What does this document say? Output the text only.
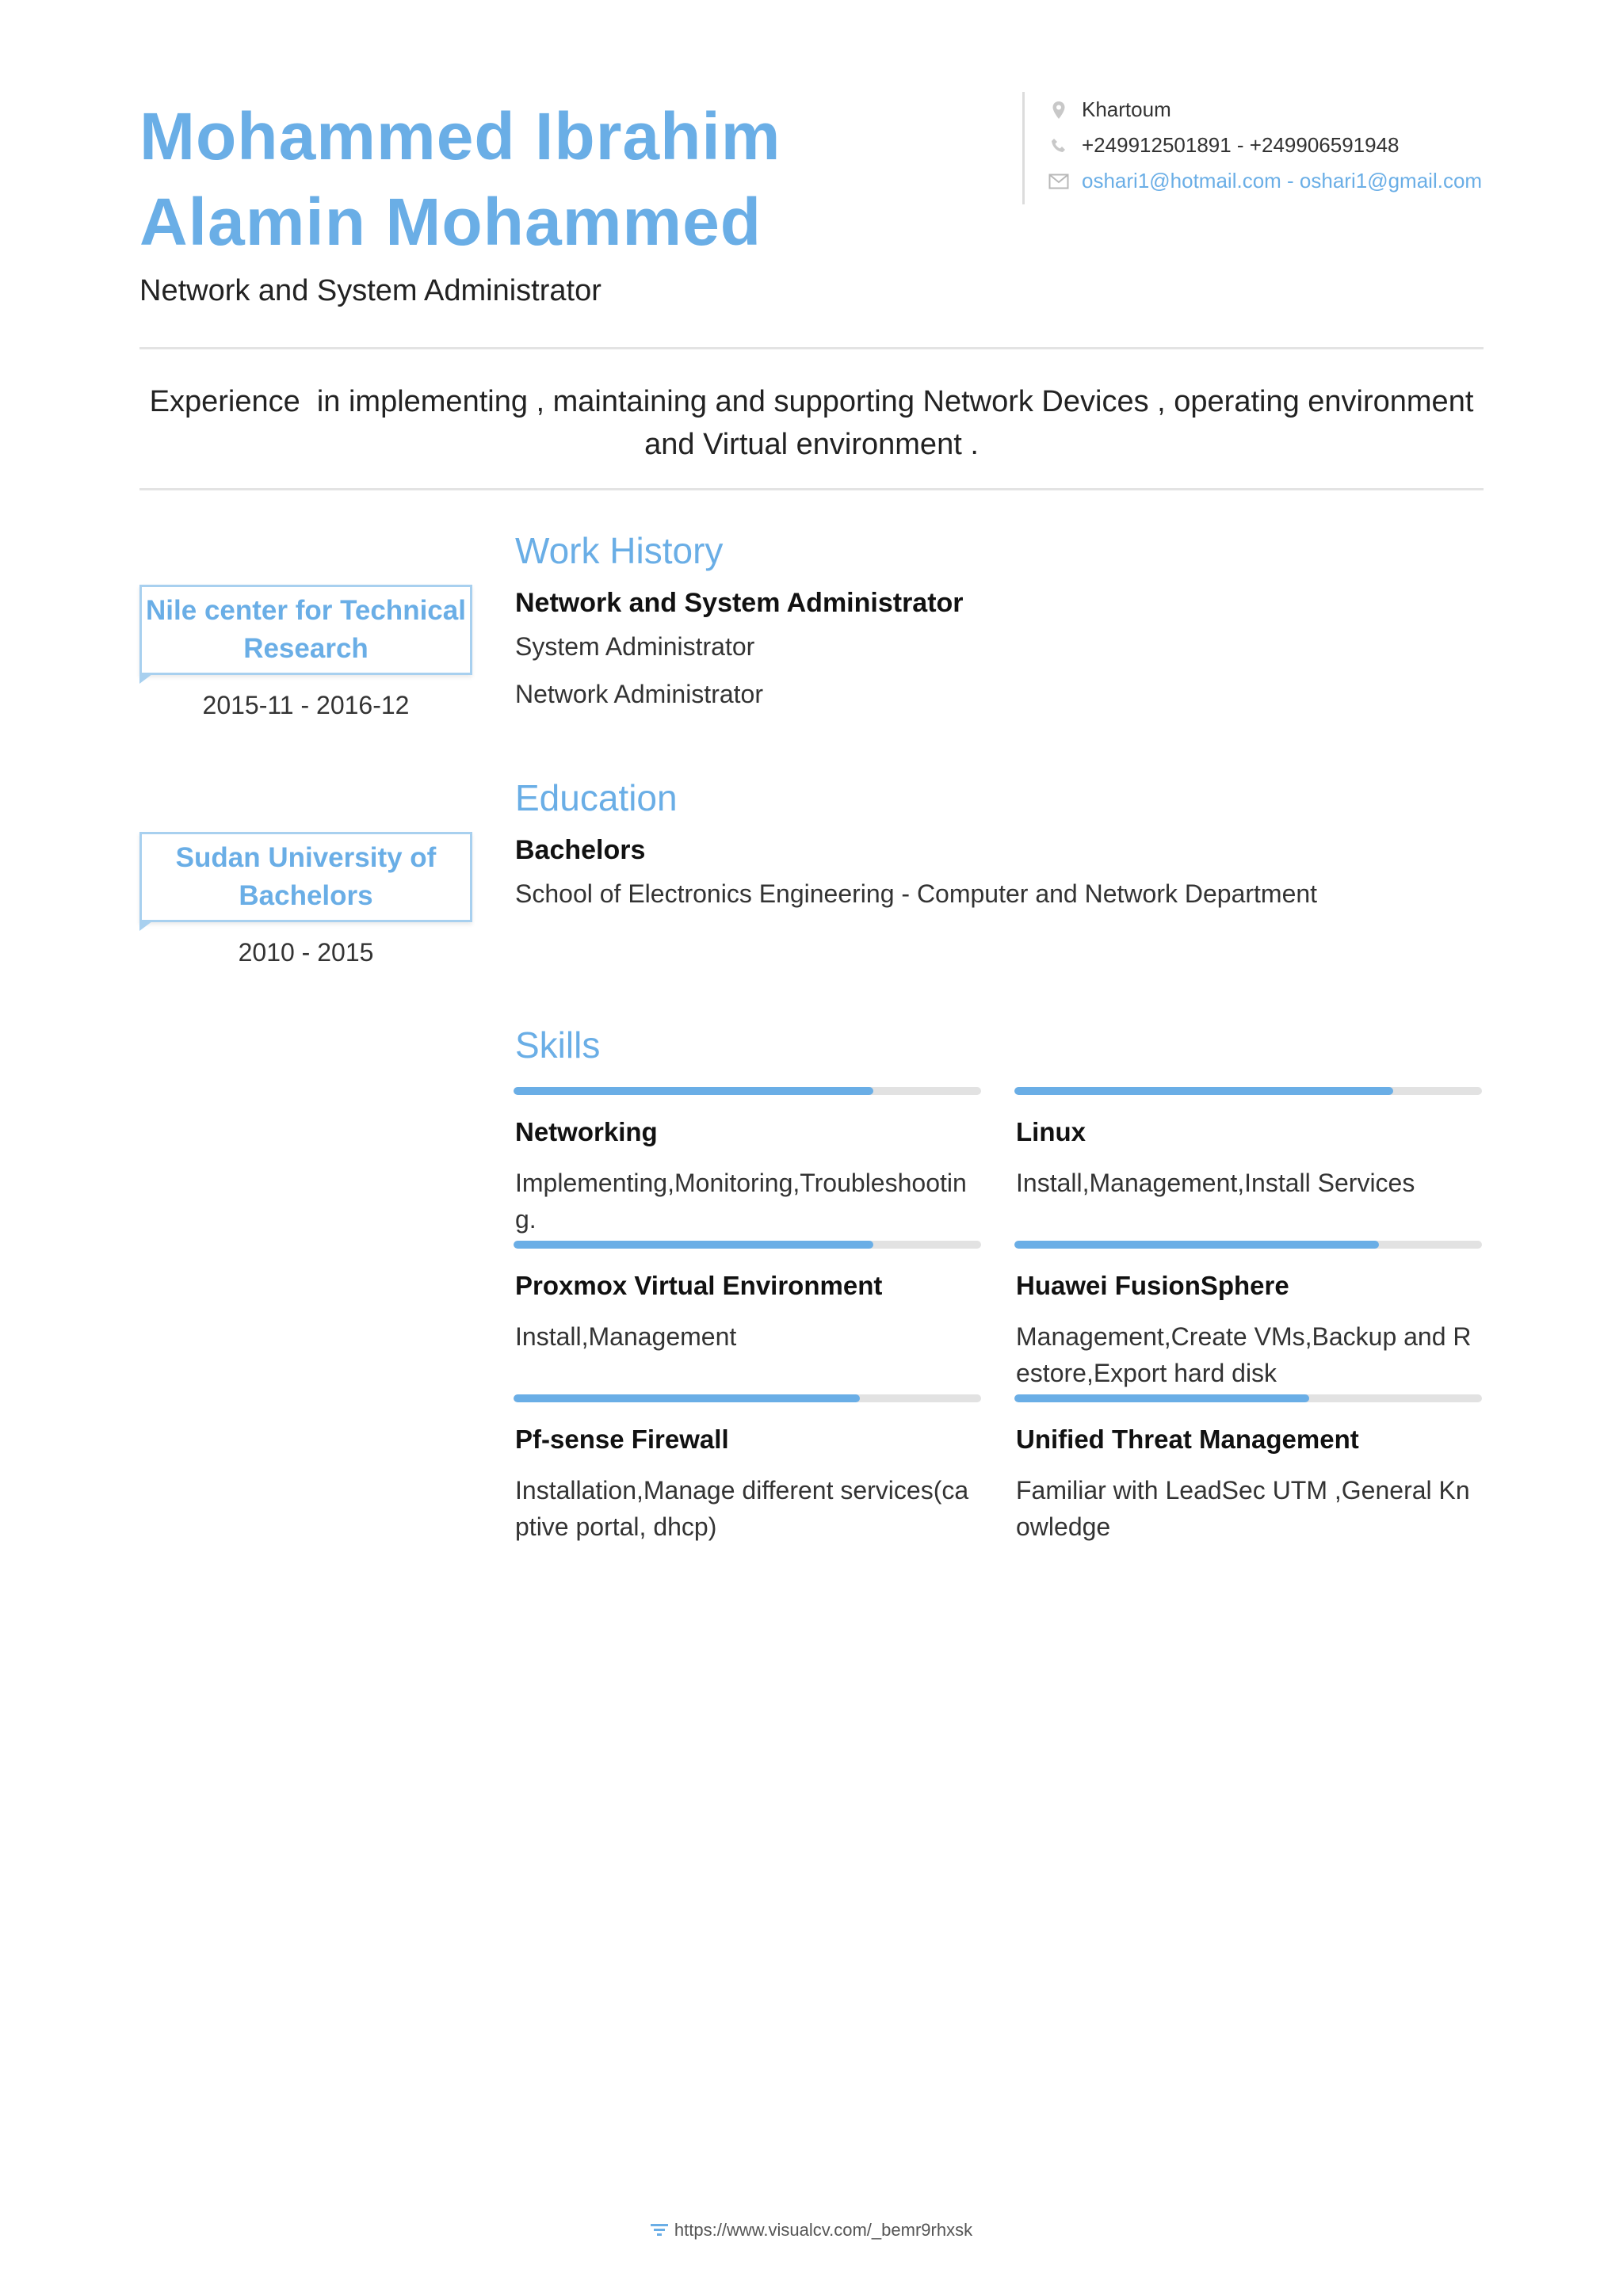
Mohammed Ibrahim Alamin Mohammed
Network and System Administrator
Khartoum
+249912501891 - +249906591948
oshari1@hotmail.com - oshari1@gmail.com
Experience  in implementing , maintaining and supporting Network Devices , operating environment and Virtual environment .
Work History
Nile center for Technical Research
2015-11 - 2016-12
Network and System Administrator
System Administrator
Network Administrator
Education
Sudan University of Bachelors
2010 - 2015
Bachelors
School of Electronics Engineering - Computer and Network Department
Skills
Networking
Implementing,Monitoring,Troubleshooting.
Linux
Install,Management,Install Services
Proxmox Virtual Environment
Install,Management
Huawei FusionSphere
Management,Create VMs,Backup and Restore,Export hard disk
Pf-sense Firewall
Installation,Manage different services(captive portal, dhcp)
Unified Threat Management
Familiar with LeadSec UTM ,General Knowledge
https://www.visualcv.com/_bemr9rhxsk
